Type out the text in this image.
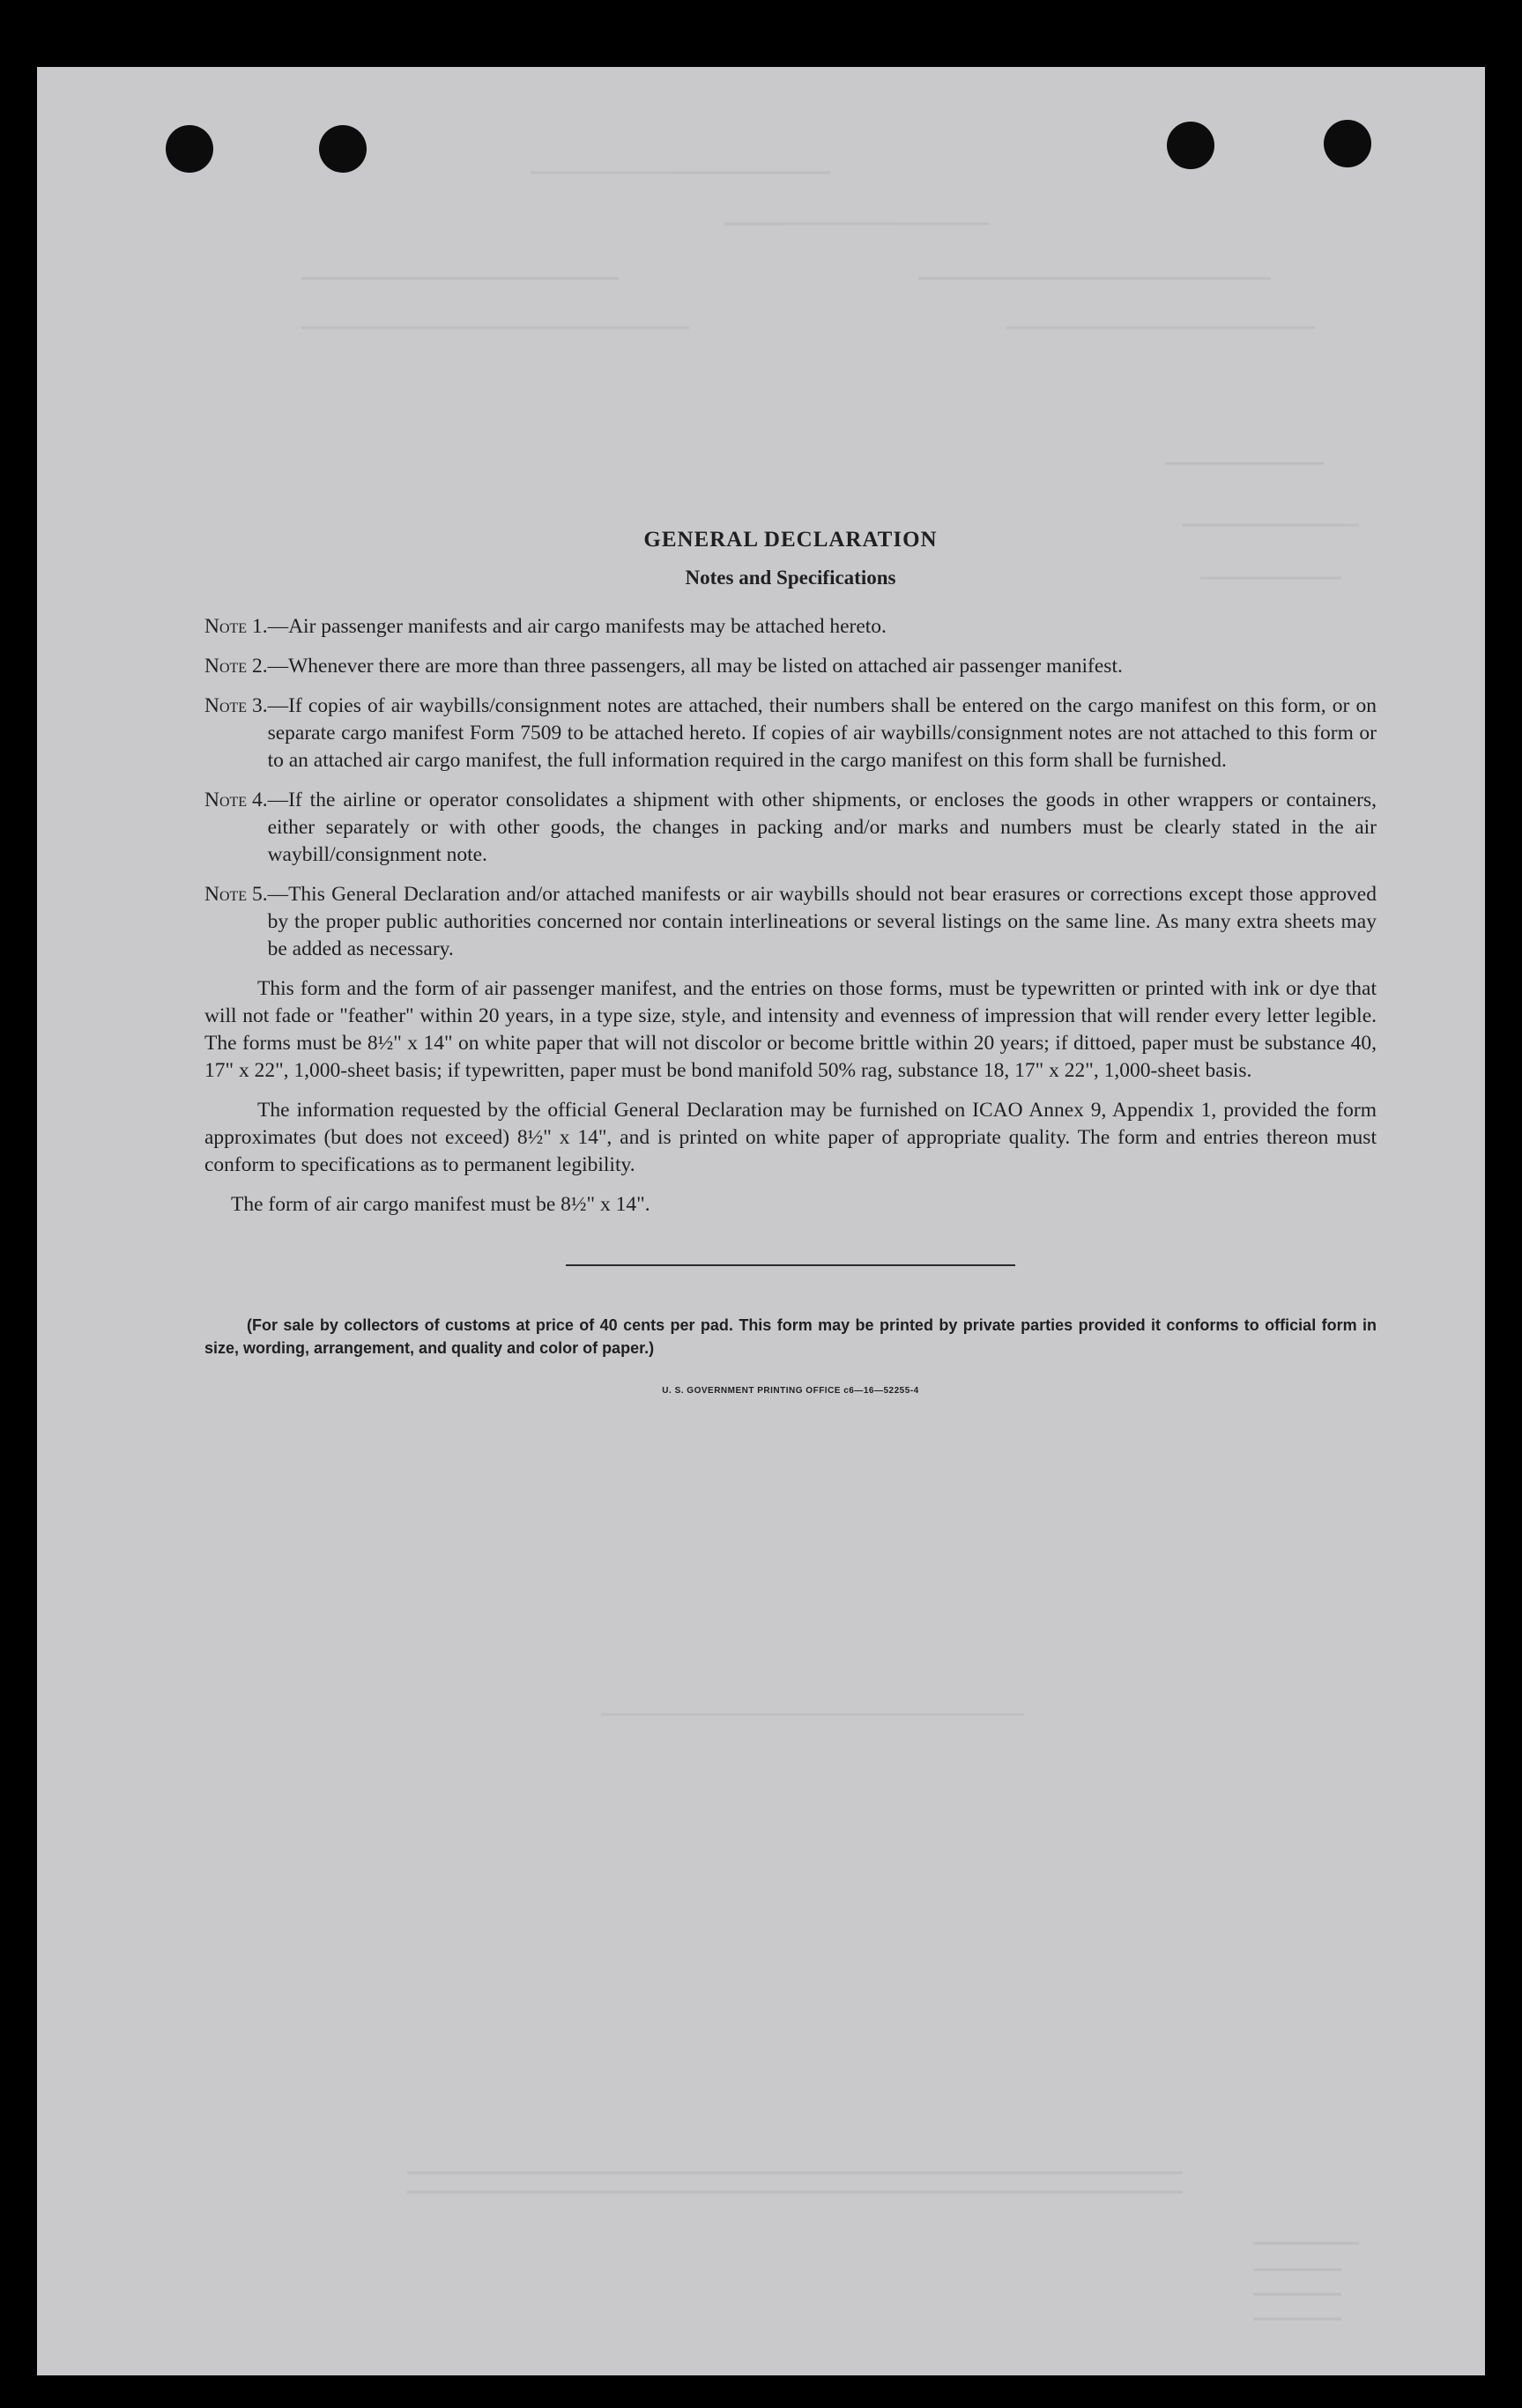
GENERAL DECLARATION
Notes and Specifications
Note 1. —Air passenger manifests and air cargo manifests may be attached hereto.
Note 2. —Whenever there are more than three passengers, all may be listed on attached air passenger manifest.
Note 3. —If copies of air waybills/consignment notes are attached, their numbers shall be entered on the cargo manifest on this form, or on separate cargo manifest Form 7509 to be attached hereto. If copies of air waybills/consignment notes are not attached to this form or to an attached air cargo manifest, the full information required in the cargo manifest on this form shall be furnished.
Note 4. —If the airline or operator consolidates a shipment with other shipments, or encloses the goods in other wrappers or containers, either separately or with other goods, the changes in packing and/or marks and numbers must be clearly stated in the air waybill/consignment note.
Note 5. —This General Declaration and/or attached manifests or air waybills should not bear erasures or corrections except those approved by the proper public authorities concerned nor contain interlineations or several listings on the same line. As many extra sheets may be added as necessary.

This form and the form of air passenger manifest, and the entries on those forms, must be typewritten or printed with ink or dye that will not fade or "feather" within 20 years, in a type size, style, and intensity and evenness of impression that will render every letter legible. The forms must be 8½" x 14" on white paper that will not discolor or become brittle within 20 years; if dittoed, paper must be substance 40, 17" x 22", 1,000-sheet basis; if typewritten, paper must be bond manifold 50% rag, substance 18, 17" x 22", 1,000-sheet basis.

The information requested by the official General Declaration may be furnished on ICAO Annex 9, Appendix 1, provided the form approximates (but does not exceed) 8½" x 14", and is printed on white paper of appropriate quality. The form and entries thereon must conform to specifications as to permanent legibility.

The form of air cargo manifest must be 8½" x 14".

(For sale by collectors of customs at price of 40 cents per pad. This form may be printed by private parties provided it conforms to official form in size, wording, arrangement, and quality and color of paper.)

U. S. GOVERNMENT PRINTING OFFICE c6—16—52255-4
